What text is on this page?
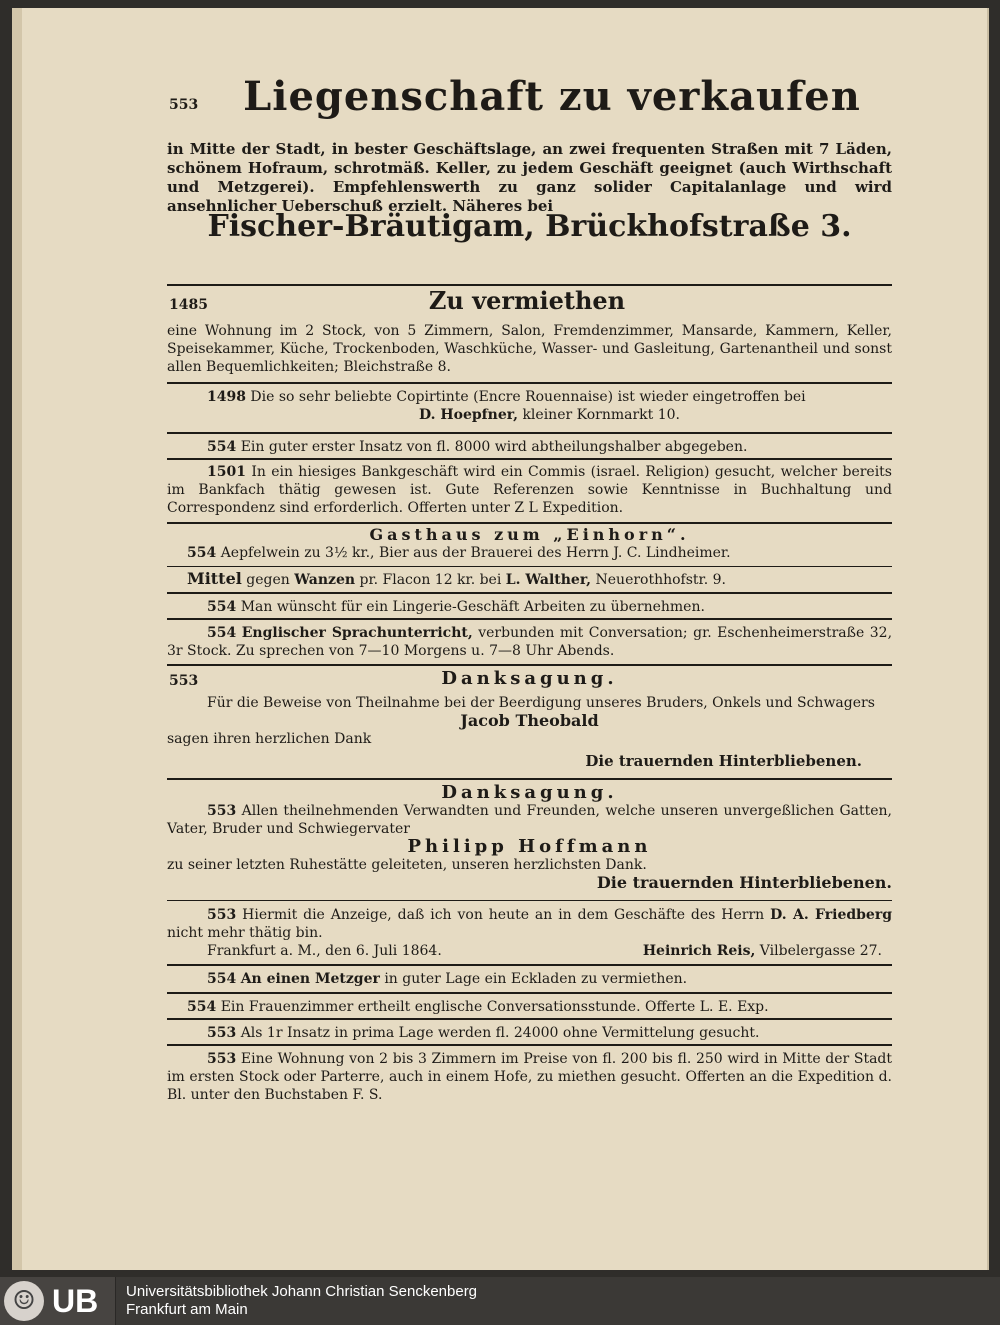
553	Liegenschaft zu verkaufen
in Mitte der Stadt, in bester Geschäftslage, an zwei frequenten Straßen mit 7 Läden, schönem Hofraum, schrotmäß. Keller, zu jedem Geschäft geeignet (auch Wirthschaft und Metzgerei). Empfehlenswerth zu ganz solider Capitalanlage und wird ansehnlicher Ueberschuß erzielt. Näheres bei
Fischer-Bräutigam, Brückhofstraße 3.
1485	Zu vermiethen
eine Wohnung im 2 Stock, von 5 Zimmern, Salon, Fremdenzimmer, Mansarde, Kammern, Keller, Speisekammer, Küche, Trockenboden, Waschküche, Wasser- und Gasleitung, Gartenantheil und sonst allen Bequemlichkeiten; Bleichstraße 8.
1498 Die so sehr beliebte Copirtinte (Encre Rouennaise) ist wieder eingetroffen bei
D. Hoepfner, kleiner Kornmarkt 10.
554 Ein guter erster Insatz von fl. 8000 wird abtheilungshalber abgegeben.
1501 In ein hiesiges Bankgeschäft wird ein Commis (israel. Religion) gesucht, welcher bereits im Bankfach thätig gewesen ist. Gute Referenzen sowie Kenntnisse in Buchhaltung und Correspondenz sind erforderlich. Offerten unter Z L Expedition.
Gasthaus zum „Einhorn“.
554 Aepfelwein zu 3½ kr., Bier aus der Brauerei des Herrn J. C. Lindheimer.
Mittel gegen Wanzen pr. Flacon 12 kr. bei L. Walther, Neuerothhofstr. 9.
554 Man wünscht für ein Lingerie-Geschäft Arbeiten zu übernehmen.
554 Englischer Sprachunterricht, verbunden mit Conversation; gr. Eschenheimerstraße 32, 3r Stock. Zu sprechen von 7—10 Morgens u. 7—8 Uhr Abends.
553	Danksagung.
Für die Beweise von Theilnahme bei der Beerdigung unseres Bruders, Onkels und Schwagers
Jacob Theobald
sagen ihren herzlichen Dank
Die trauernden Hinterbliebenen.
Danksagung.
553 Allen theilnehmenden Verwandten und Freunden, welche unseren unvergeßlichen Gatten, Vater, Bruder und Schwiegervater
Philipp Hoffmann
zu seiner letzten Ruhestätte geleiteten, unseren herzlichsten Dank.
Die trauernden Hinterbliebenen.
553 Hiermit die Anzeige, daß ich von heute an in dem Geschäfte des Herrn D. A. Friedberg nicht mehr thätig bin.
Frankfurt a. M., den 6. Juli 1864.	Heinrich Reis, Vilbelergasse 27.
554 An einen Metzger in guter Lage ein Eckladen zu vermiethen.
554 Ein Frauenzimmer ertheilt englische Conversationsstunde. Offerte L. E. Exp.
553 Als 1r Insatz in prima Lage werden fl. 24000 ohne Vermittelung gesucht.
553 Eine Wohnung von 2 bis 3 Zimmern im Preise von fl. 200 bis fl. 250 wird in Mitte der Stadt im ersten Stock oder Parterre, auch in einem Hofe, zu miethen gesucht. Offerten an die Expedition d. Bl. unter den Buchstaben F. S.
☺ UB Universitätsbibliothek Johann Christian Senckenberg
Frankfurt am Main
